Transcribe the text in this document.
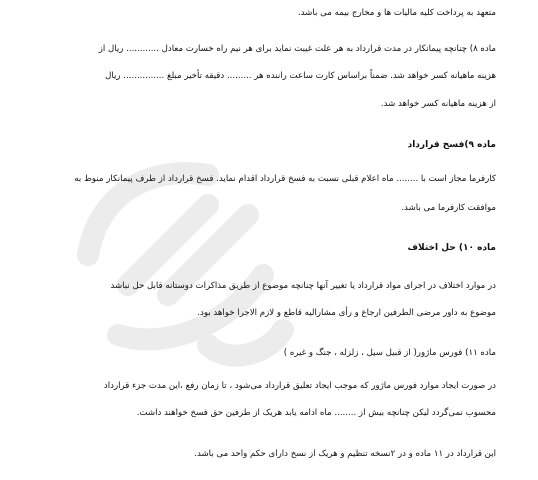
متعهد به پرداخت کلیه مالیات ها و مخارج بیمه می باشد.
ماده ۸) چنانچه پیمانکار در مدت قرارداد به هر علت غیبت نماید برای هر نیم راه خسارت معادل ............ ریال از
هزینه ماهیانه کسر خواهد شد. ضمناً براساس کارت ساعت راننده هر ......... دقیقه تأخیر مبلغ ............... ریال
از هزینه ماهیانه کسر خواهد شد.
ماده ۹)فسخ قرارداد
کارفرما مجاز است با ........ ماه اعلام قبلی نسبت به فسخ قرارداد اقدام نماید. فسخ قرارداد از طرف پیمانکار منوط به
موافقت کارفرما می باشد.
ماده ۱۰) حل اختلاف
در موارد اختلاف در اجرای مواد قرارداد یا تغییر آنها چنانچه موضوع از طریق مذاکرات دوستانه قابل حل نباشد
موضوع به داور مرضی الطرفین ارجاع و رأی مشارالیه قاطع و لازم الاجرا خواهد بود.
ماده ۱۱) فورس ماژور( از قبیل سیل ، زلزله ، جنگ و غیره )
در صورت ایجاد موارد فورس ماژور که موجب ایجاد تعلیق قرارداد می‌شود ، تا زمان رفع ،این مدت جزء قرارداد
محسوب نمی‌گردد لیکن چنانچه بیش از ........ ماه ادامه یابد هریک از طرفین حق فسخ خواهند داشت.
این قرارداد در ۱۱ ماده و در ۲نسخه تنظیم و هریک از نسخ دارای حکم واحد می باشد.
